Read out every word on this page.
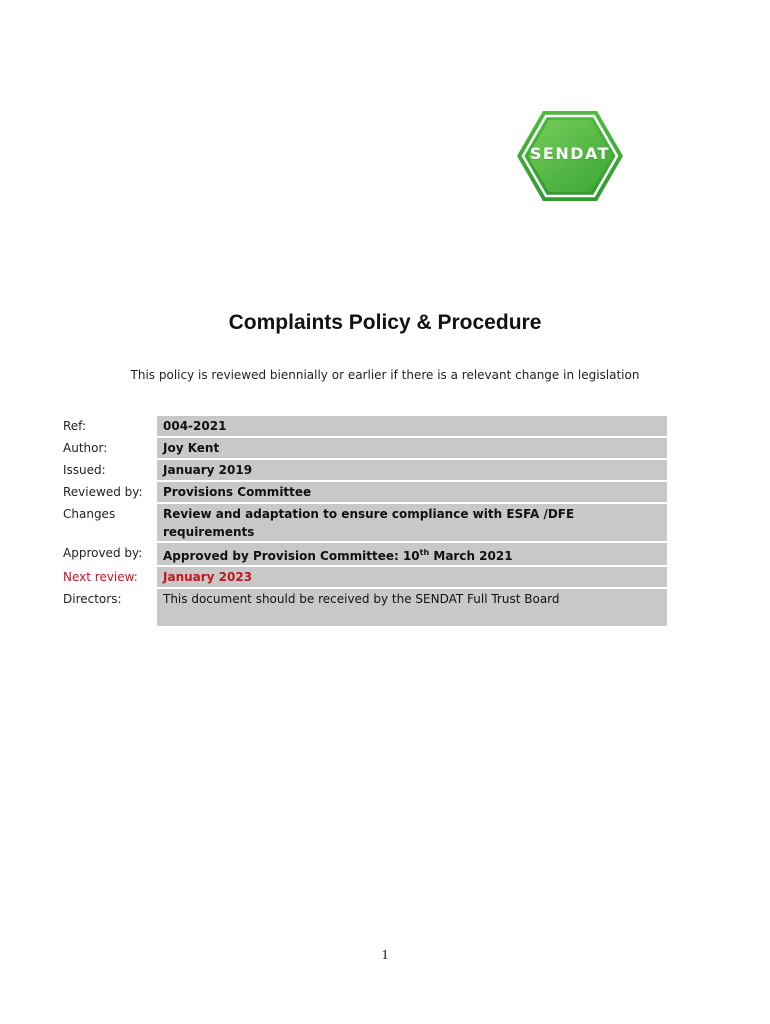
SENDAT
Complaints Policy & Procedure
This policy is reviewed biennially or earlier if there is a relevant change in legislation
Ref:	004-2021
Author:	Joy Kent
Issued:	January 2019
Reviewed by:	Provisions Committee
Changes	Review and adaptation to ensure compliance with ESFA /DFE requirements
Approved by:	Approved by Provision Committee: 10th March 2021
Next review:	January 2023
Directors:	This document should be received by the SENDAT Full Trust Board
1
